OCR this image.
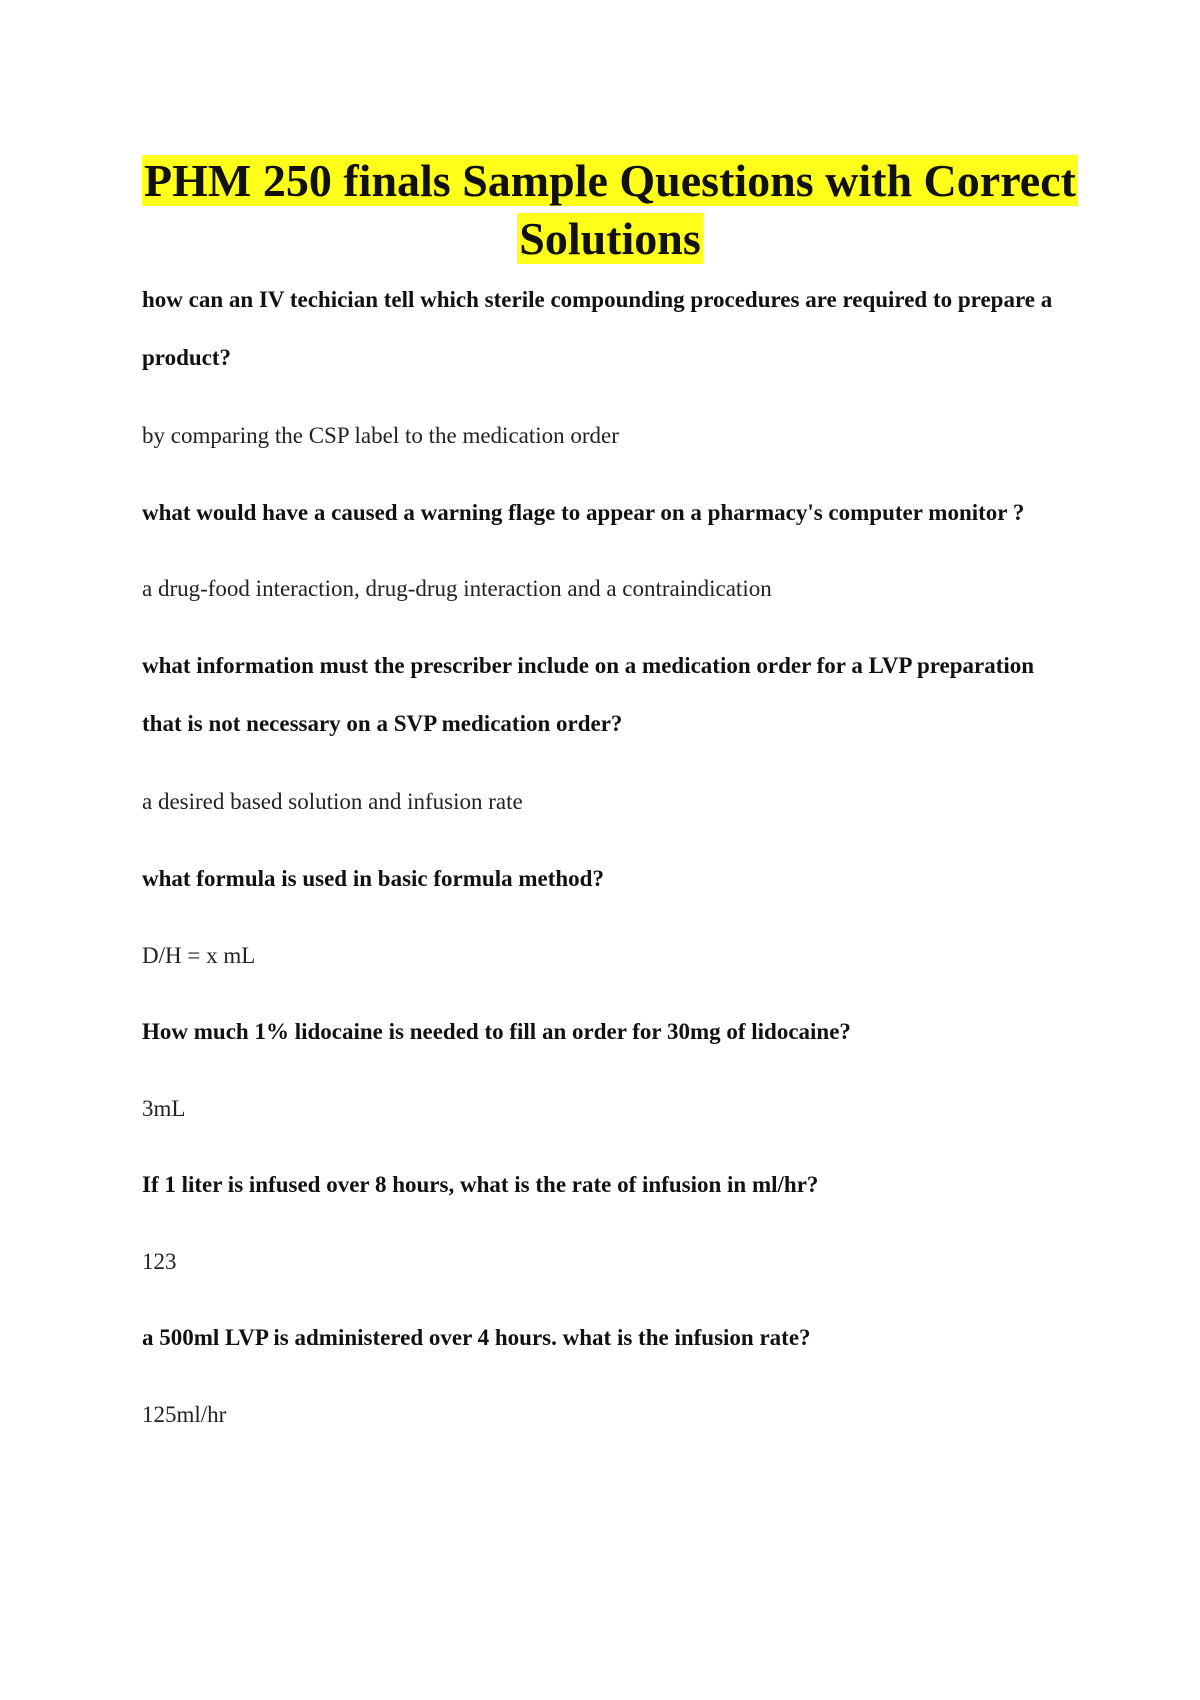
PHM 250 finals Sample Questions with Correct Solutions
how can an IV techician tell which sterile compounding procedures are required to prepare a product?
by comparing the CSP label to the medication order
what would have a caused a warning flage to appear on a pharmacy's computer monitor ?
a drug-food interaction, drug-drug interaction and a contraindication
what information must the prescriber include on a medication order for a LVP preparation that is not necessary on a SVP medication order?
a desired based solution and infusion rate
what formula is used in basic formula method?
D/H = x mL
How much 1% lidocaine is needed to fill an order for 30mg of lidocaine?
3mL
If 1 liter is infused over 8 hours, what is the rate of infusion in ml/hr?
123
a 500ml LVP is administered over 4 hours. what is the infusion rate?
125ml/hr
